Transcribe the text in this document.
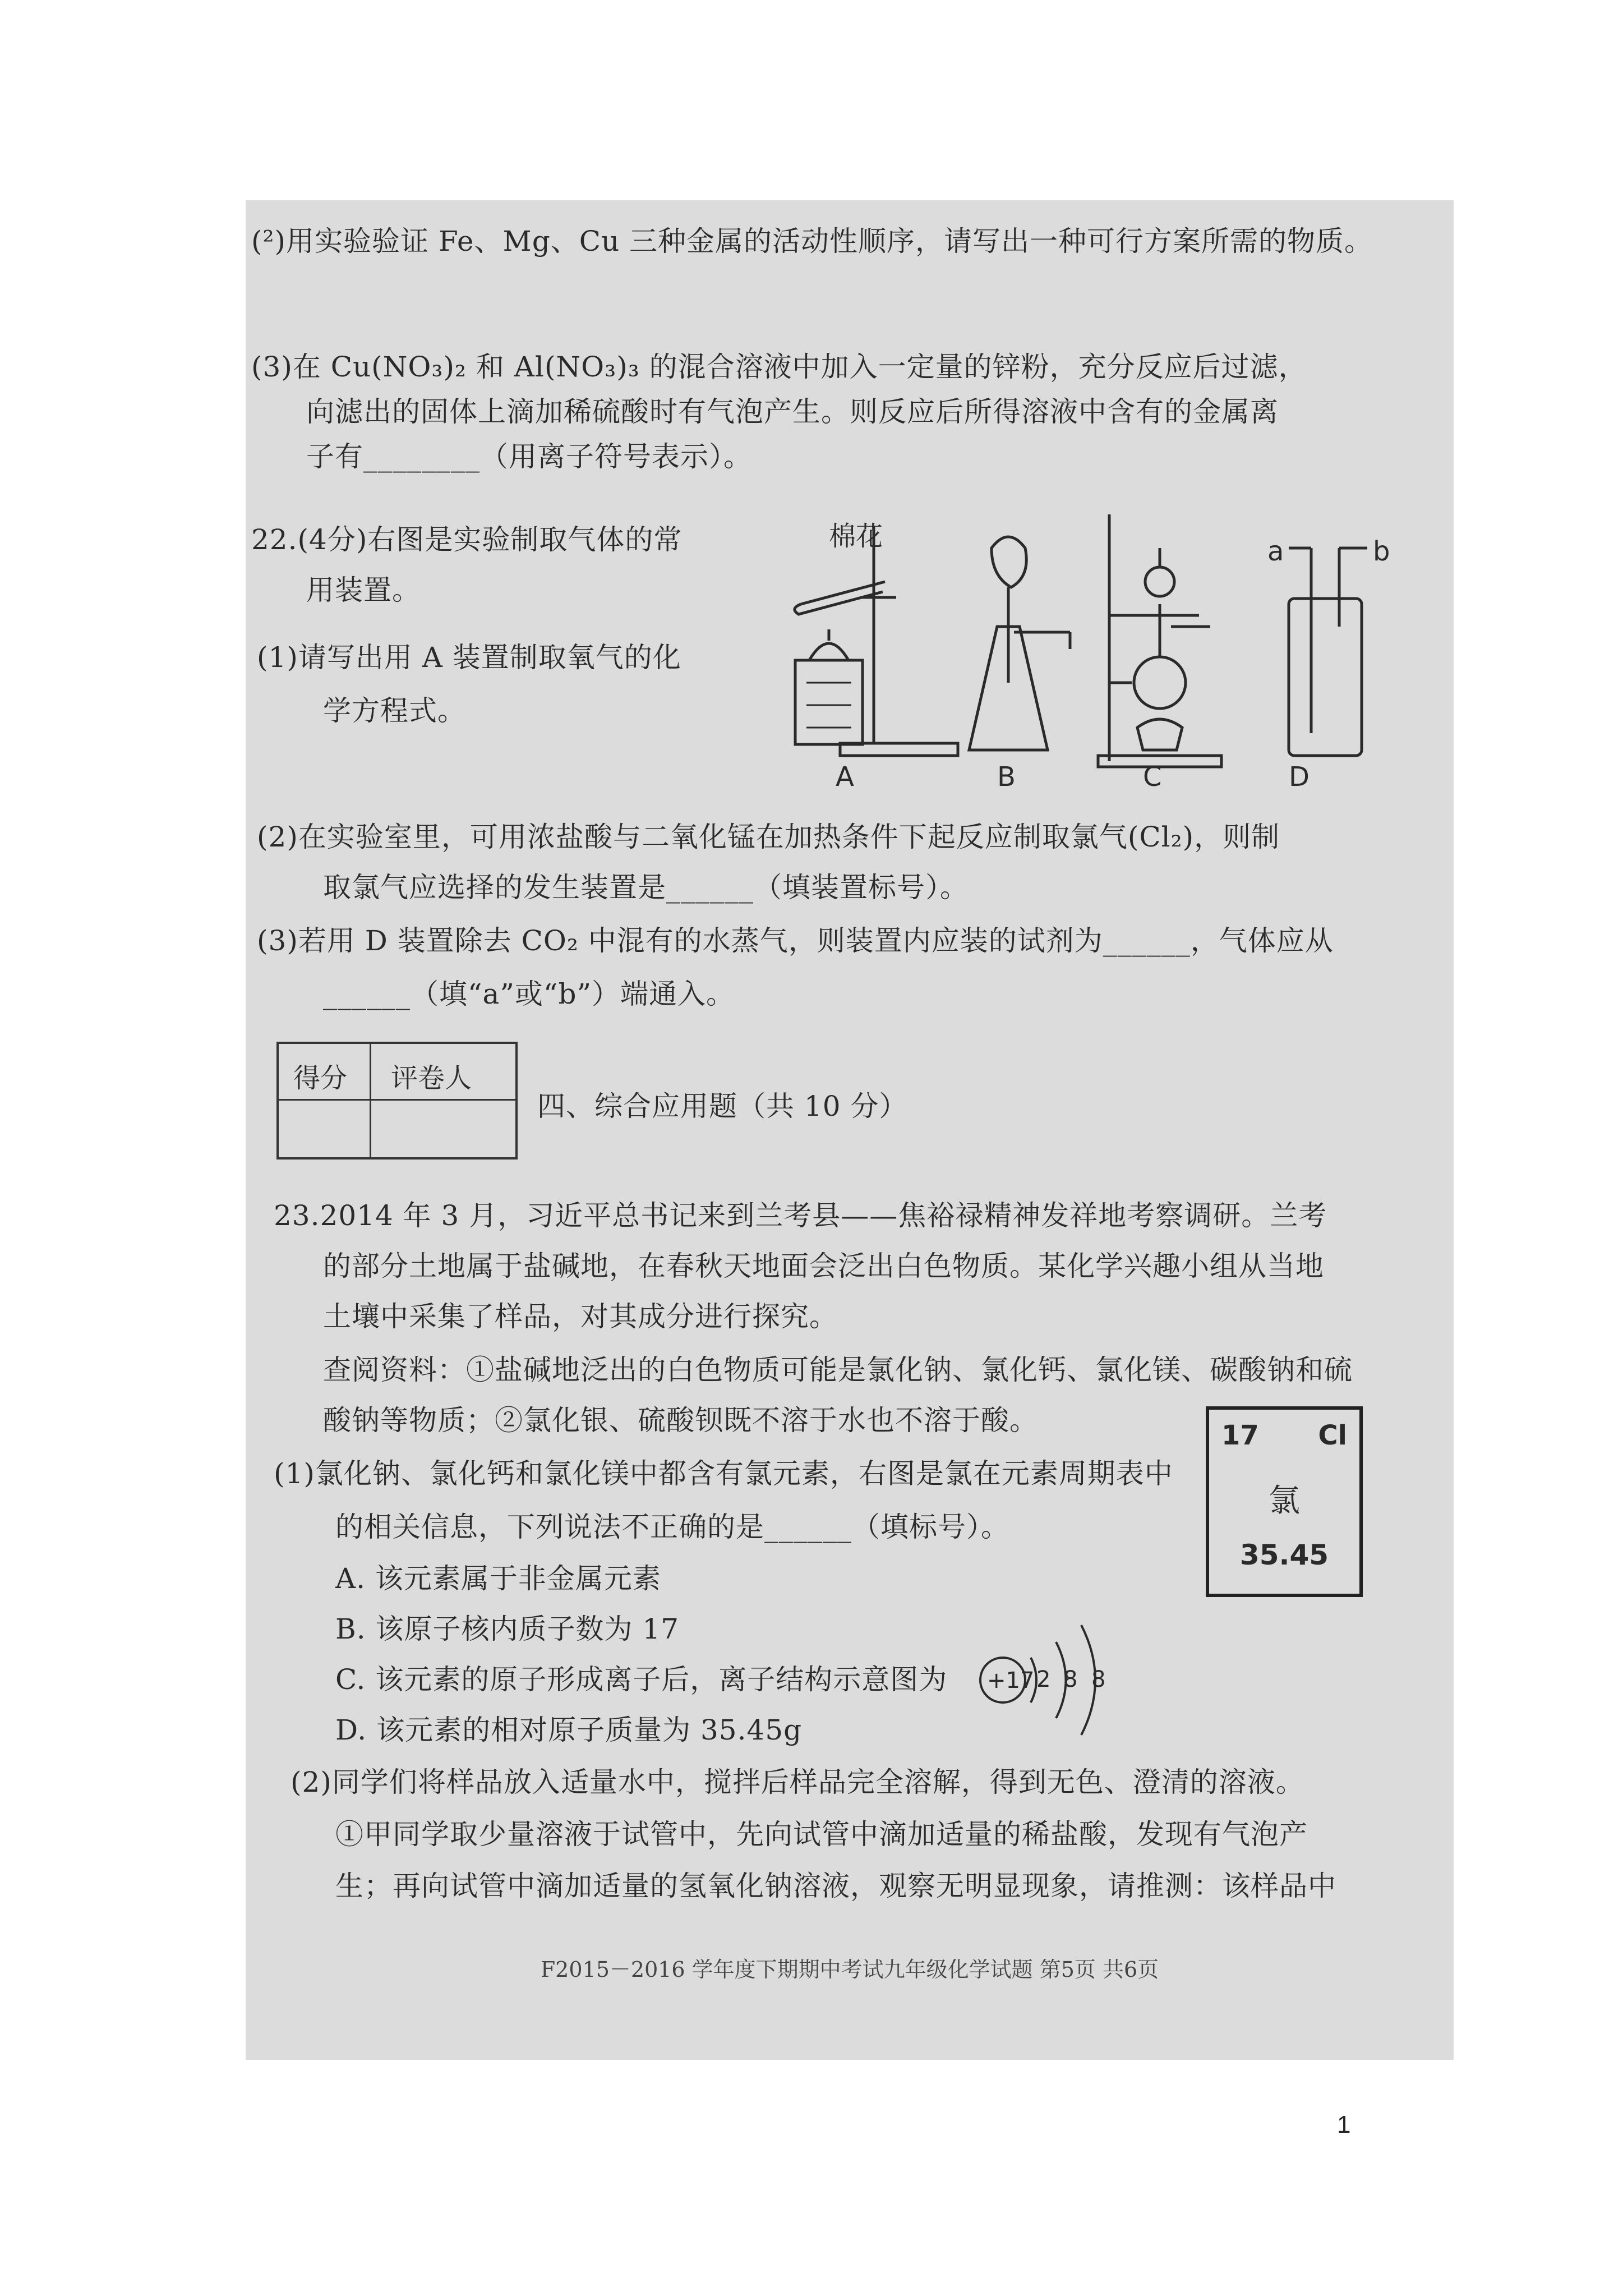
(²)用实验验证 Fe、Mg、Cu 三种金属的活动性顺序，请写出一种可行方案所需的物质。
(3)在 Cu(NO₃)₂ 和 Al(NO₃)₃ 的混合溶液中加入一定量的锌粉，充分反应后过滤，
向滤出的固体上滴加稀硫酸时有气泡产生。则反应后所得溶液中含有的金属离
子有________（用离子符号表示）。
22.(4分)右图是实验制取气体的常
用装置。
(1)请写出用 A 装置制取氧气的化
学方程式。
棉花
A	B	C	D
a	b
(2)在实验室里，可用浓盐酸与二氧化锰在加热条件下起反应制取氯气(Cl₂)，则制
取氯气应选择的发生装置是______（填装置标号）。
(3)若用 D 装置除去 CO₂ 中混有的水蒸气，则装置内应装的试剂为______，气体应从
______（填“a”或“b”）端通入。
得分 评卷人
四、综合应用题（共 10 分）
23.2014 年 3 月，习近平总书记来到兰考县——焦裕禄精神发祥地考察调研。兰考
的部分土地属于盐碱地，在春秋天地面会泛出白色物质。某化学兴趣小组从当地
土壤中采集了样品，对其成分进行探究。
查阅资料：①盐碱地泛出的白色物质可能是氯化钠、氯化钙、氯化镁、碳酸钠和硫
酸钠等物质；②氯化银、硫酸钡既不溶于水也不溶于酸。	17 Cl
氯
35.45
(1)氯化钠、氯化钙和氯化镁中都含有氯元素，右图是氯在元素周期表中
的相关信息，下列说法不正确的是______（填标号）。
A. 该元素属于非金属元素
B. 该原子核内质子数为 17
C. 该元素的原子形成离子后，离子结构示意图为 +17 2 8 8
D. 该元素的相对原子质量为 35.45g
(2)同学们将样品放入适量水中，搅拌后样品完全溶解，得到无色、澄清的溶液。
①甲同学取少量溶液于试管中，先向试管中滴加适量的稀盐酸，发现有气泡产
生；再向试管中滴加适量的氢氧化钠溶液，观察无明显现象，请推测：该样品中
F2015－2016 学年度下期期中考试九年级化学试题 第5页 共6页
1
